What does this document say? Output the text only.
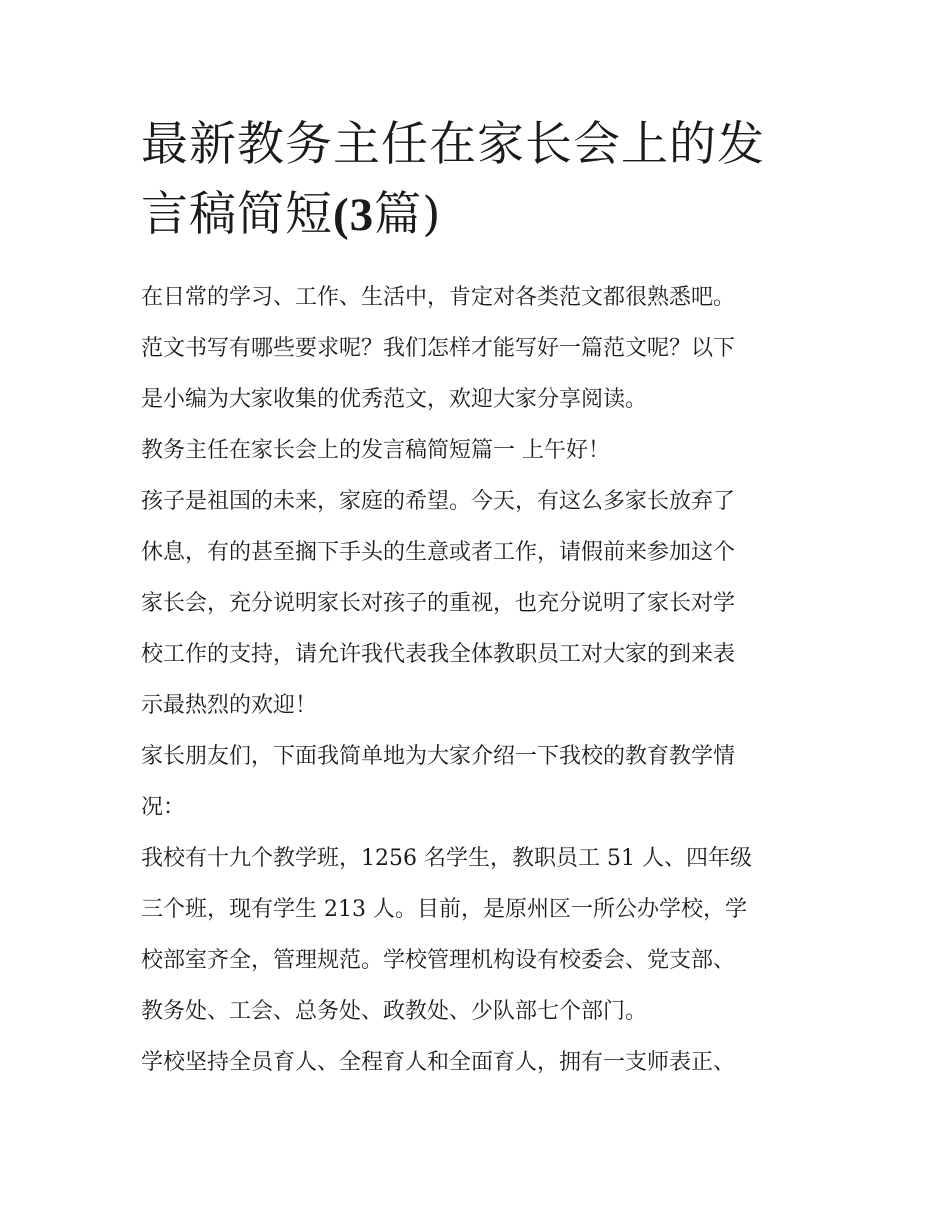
最新教务主任在家长会上的发
言稿简短(3篇)

在日常的学习、工作、生活中，肯定对各类范文都很熟悉吧。
范文书写有哪些要求呢？我们怎样才能写好一篇范文呢？以下
是小编为大家收集的优秀范文，欢迎大家分享阅读。

教务主任在家长会上的发言稿简短篇一 上午好！

孩子是祖国的未来，家庭的希望。今天，有这么多家长放弃了
休息，有的甚至搁下手头的生意或者工作，请假前来参加这个
家长会，充分说明家长对孩子的重视，也充分说明了家长对学
校工作的支持，请允许我代表我全体教职员工对大家的到来表
示最热烈的欢迎！

家长朋友们，下面我简单地为大家介绍一下我校的教育教学情
况：

我校有十九个教学班，1256 名学生，教职员工 51 人、四年级
三个班，现有学生 213 人。目前，是原州区一所公办学校，学
校部室齐全，管理规范。学校管理机构设有校委会、党支部、
教务处、工会、总务处、政教处、少队部七个部门。

学校坚持全员育人、全程育人和全面育人，拥有一支师表正、
